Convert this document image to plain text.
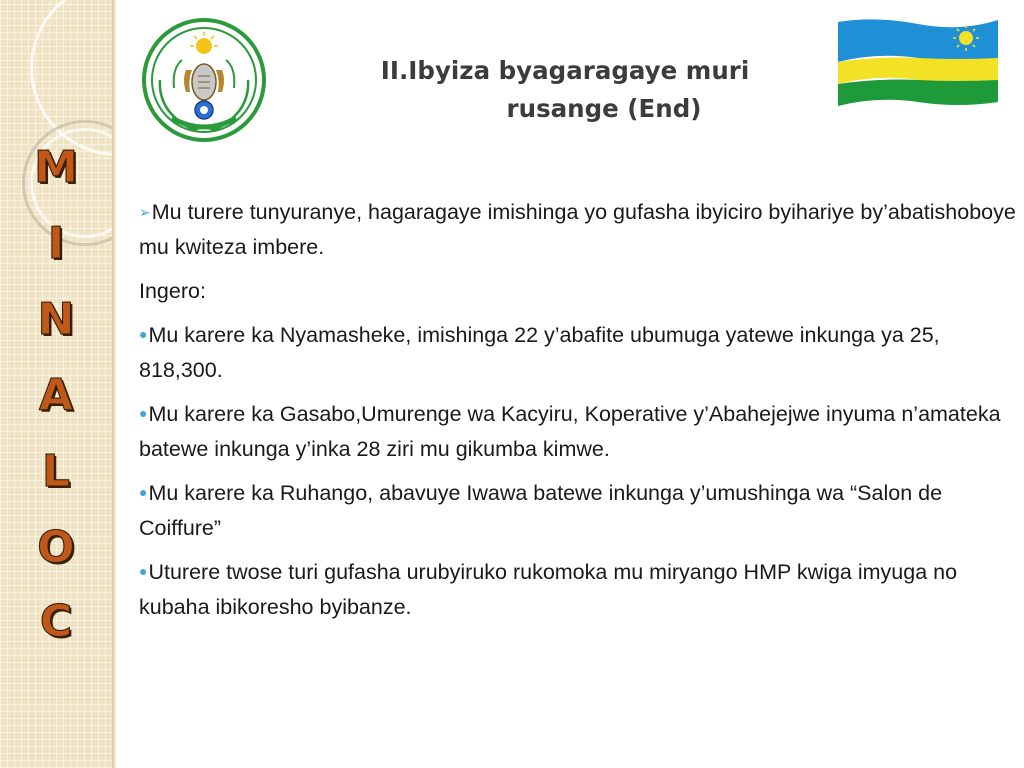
M
I
N
A
L
O
C
II.Ibyiza byagaragaye muri
rusange (End)

➢Mu turere tunyuranye, hagaragaye imishinga yo gufasha ibyiciro byihariye by’abatishoboye mu kwiteza imbere.

Ingero:

●Mu karere ka Nyamasheke, imishinga 22 y’abafite ubumuga yatewe inkunga ya 25, 818,300.

●Mu karere ka Gasabo,Umurenge wa Kacyiru, Koperative y’Abahejejwe inyuma n’amateka batewe inkunga y’inka 28 ziri mu gikumba kimwe.

●Mu karere ka Ruhango, abavuye Iwawa batewe inkunga y’umushinga wa “Salon de Coiffure”

●Uturere twose turi gufasha urubyiruko rukomoka mu miryango HMP kwiga imyuga no kubaha ibikoresho byibanze.
